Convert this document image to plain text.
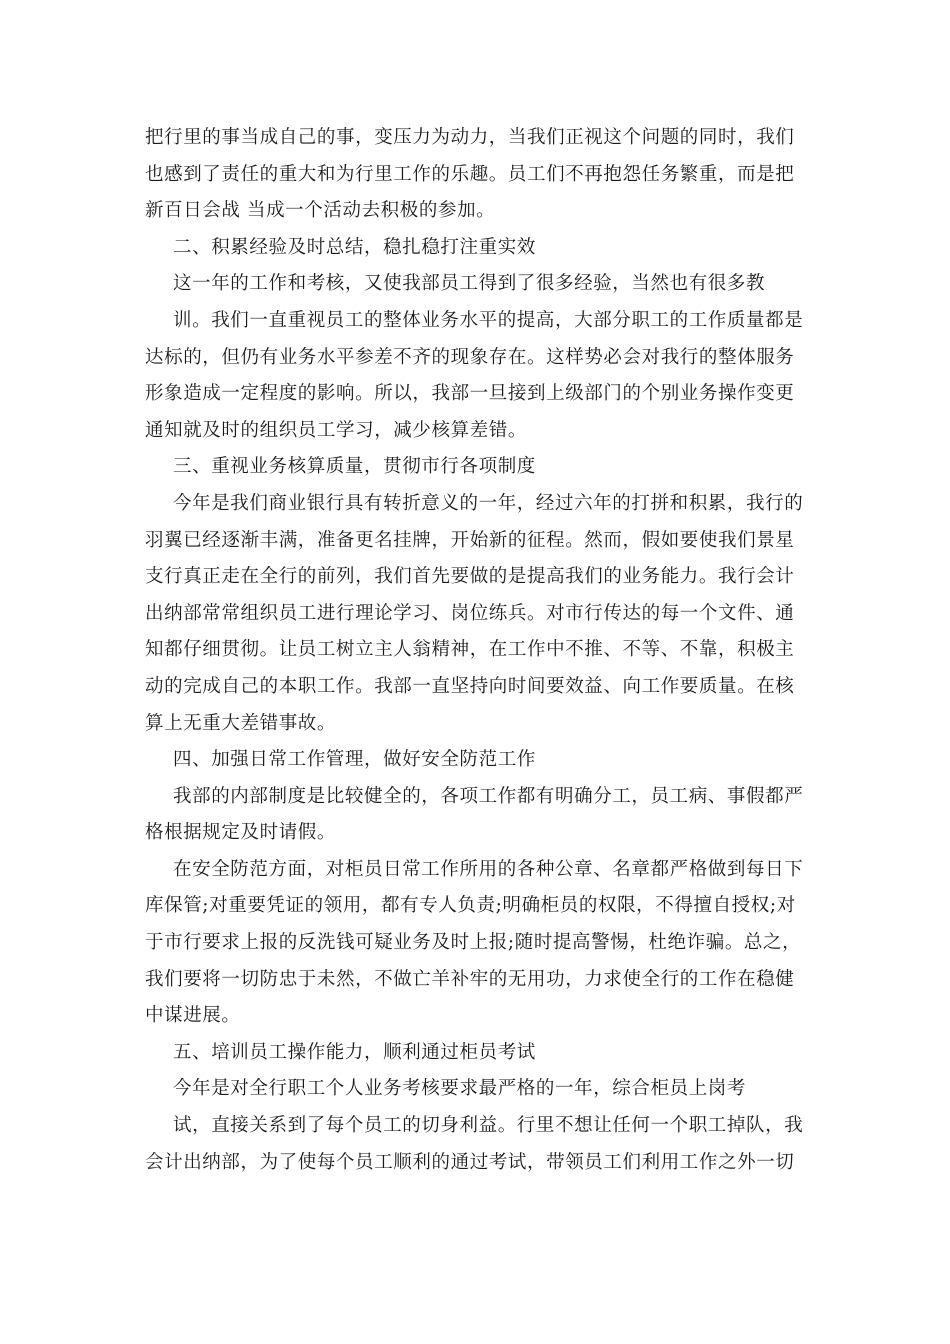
把行里的事当成自己的事，变压力为动力，当我们正视这个问题的同时，我们
也感到了责任的重大和为行里工作的乐趣。员工们不再抱怨任务繁重，而是把
新百日会战 当成一个活动去积极的参加。
二、积累经验及时总结，稳扎稳打注重实效
这一年的工作和考核，又使我部员工得到了很多经验，当然也有很多教
训。我们一直重视员工的整体业务水平的提高，大部分职工的工作质量都是
达标的，但仍有业务水平参差不齐的现象存在。这样势必会对我行的整体服务
形象造成一定程度的影响。所以，我部一旦接到上级部门的个别业务操作变更
通知就及时的组织员工学习，减少核算差错。
三、重视业务核算质量，贯彻市行各项制度
今年是我们商业银行具有转折意义的一年，经过六年的打拼和积累，我行的
羽翼已经逐渐丰满，准备更名挂牌，开始新的征程。然而，假如要使我们景星
支行真正走在全行的前列，我们首先要做的是提高我们的业务能力。我行会计
出纳部常常组织员工进行理论学习、岗位练兵。对市行传达的每一个文件、通
知都仔细贯彻。让员工树立主人翁精神，在工作中不推、不等、不靠，积极主
动的完成自己的本职工作。我部一直坚持向时间要效益、向工作要质量。在核
算上无重大差错事故。
四、加强日常工作管理，做好安全防范工作
我部的内部制度是比较健全的，各项工作都有明确分工，员工病、事假都严
格根据规定及时请假。
在安全防范方面，对柜员日常工作所用的各种公章、名章都严格做到每日下
库保管;对重要凭证的领用，都有专人负责;明确柜员的权限，不得擅自授权;对
于市行要求上报的反洗钱可疑业务及时上报;随时提高警惕，杜绝诈骗。总之，
我们要将一切防忠于未然，不做亡羊补牢的无用功，力求使全行的工作在稳健
中谋进展。
五、培训员工操作能力，顺利通过柜员考试
今年是对全行职工个人业务考核要求最严格的一年，综合柜员上岗考
试，直接关系到了每个员工的切身利益。行里不想让任何一个职工掉队，我
会计出纳部，为了使每个员工顺利的通过考试，带领员工们利用工作之外一切
